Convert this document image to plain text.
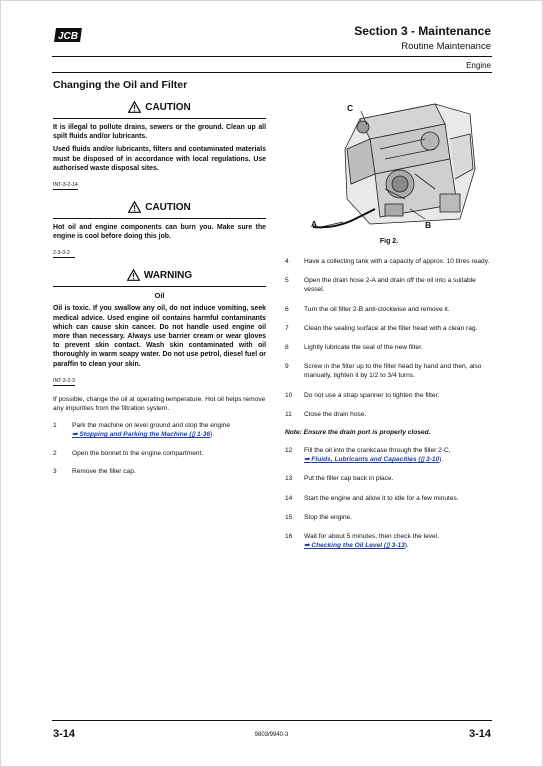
JCB	Section 3 - Maintenance
Routine Maintenance
Engine
Changing the Oil and Filter
CAUTION

It is illegal to pollute drains, sewers or the ground. Clean up all spilt fluids and/or lubricants.

Used fluids and/or lubricants, filters and contaminated materials must be disposed of in accordance with local regulations. Use authorised waste disposal sites.

INT-3-2-14
CAUTION

Hot oil and engine components can burn you. Make sure the engine is cool before doing this job.

2-3-3-2
WARNING
Oil

Oil is toxic. If you swallow any oil, do not induce vomiting, seek medical advice. Used engine oil contains harmful contaminants which can cause skin cancer. Do not handle used engine oil more than necessary. Always use barrier cream or wear gloves to prevent skin contact. Wash skin contaminated with oil thoroughly in warm soapy water. Do not use petrol, diesel fuel or paraffin to clean your skin.

INT-3-2-3

If possible, change the oil at operating temperature. Hot oil helps remove any impurities from the filtration system.

1	Park the machine on level ground and stop the engine
➡ Stopping and Parking the Machine (▯ 1-36).
2	Open the bonnet to the engine compartment.
3	Remove the filler cap.
C
A	B
Fig 2.
4	Have a collecting tank with a capacity of approx. 10 litres ready.
5	Open the drain hose 2-A and drain off the oil into a suitable vessel.
6	Turn the oil filter 2-B anti-clockwise and remove it.
7	Clean the sealing surface at the filter head with a clean rag.
8	Lightly lubricate the seal of the new filter.
9	Screw in the filter up to the filter head by hand and then, also manually, tighten it by 1/2 to 3/4 turns.
10	Do not use a strap spanner to tighten the filter.
11	Close the drain hose.
Note: Ensure the drain port is properly closed.
12	Fill the oil into the crankcase through the filler 2-C,
➡ Fluids, Lubricants and Capacities (▯ 3-10).
13	Put the filler cap back in place.
14	Start the engine and allow it to idle for a few minutes.
15	Stop the engine.
16	Wait for about 5 minutes, then check the level,
➡ Checking the Oil Level (▯ 3-13).
3-14	9803/9940-3	3-14
